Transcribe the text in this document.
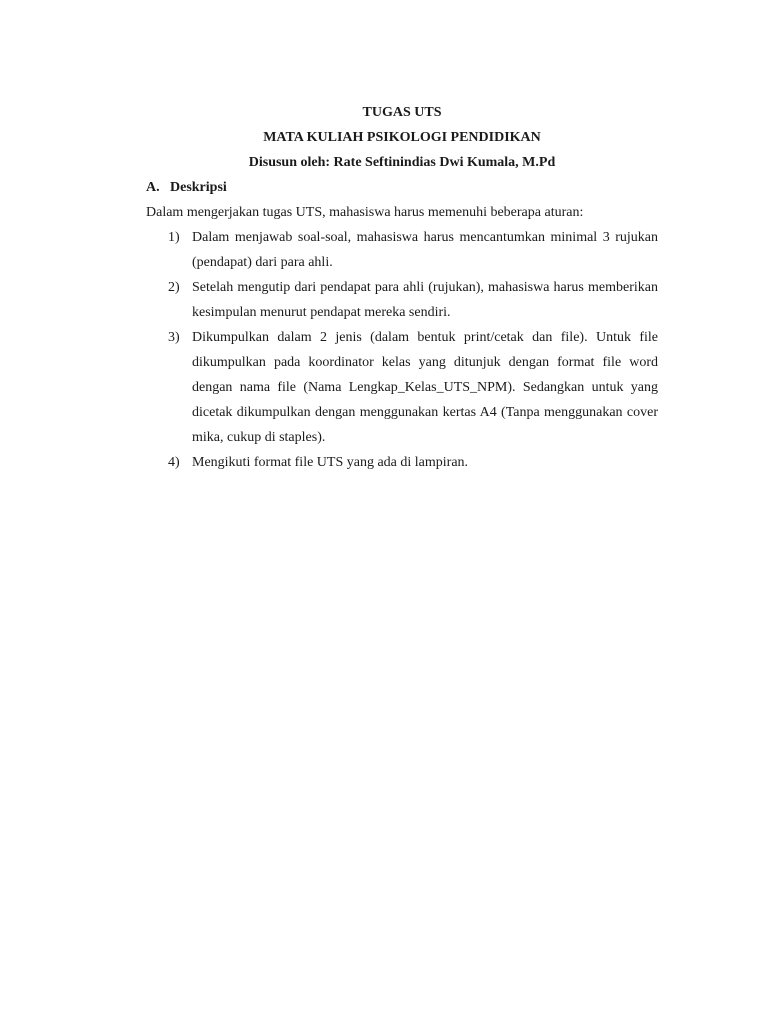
TUGAS UTS

MATA KULIAH PSIKOLOGI PENDIDIKAN

Disusun oleh: Rate Seftinindias Dwi Kumala, M.Pd

A. Deskripsi

Dalam mengerjakan tugas UTS, mahasiswa harus memenuhi beberapa aturan:

1) Dalam menjawab soal-soal, mahasiswa harus mencantumkan minimal 3 rujukan (pendapat) dari para ahli.
2) Setelah mengutip dari pendapat para ahli (rujukan), mahasiswa harus memberikan kesimpulan menurut pendapat mereka sendiri.
3) Dikumpulkan dalam 2 jenis (dalam bentuk print/cetak dan file). Untuk file dikumpulkan pada koordinator kelas yang ditunjuk dengan format file word dengan nama file (Nama Lengkap_Kelas_UTS_NPM). Sedangkan untuk yang dicetak dikumpulkan dengan menggunakan kertas A4 (Tanpa menggunakan cover mika, cukup di staples).
4) Mengikuti format file UTS yang ada di lampiran.
